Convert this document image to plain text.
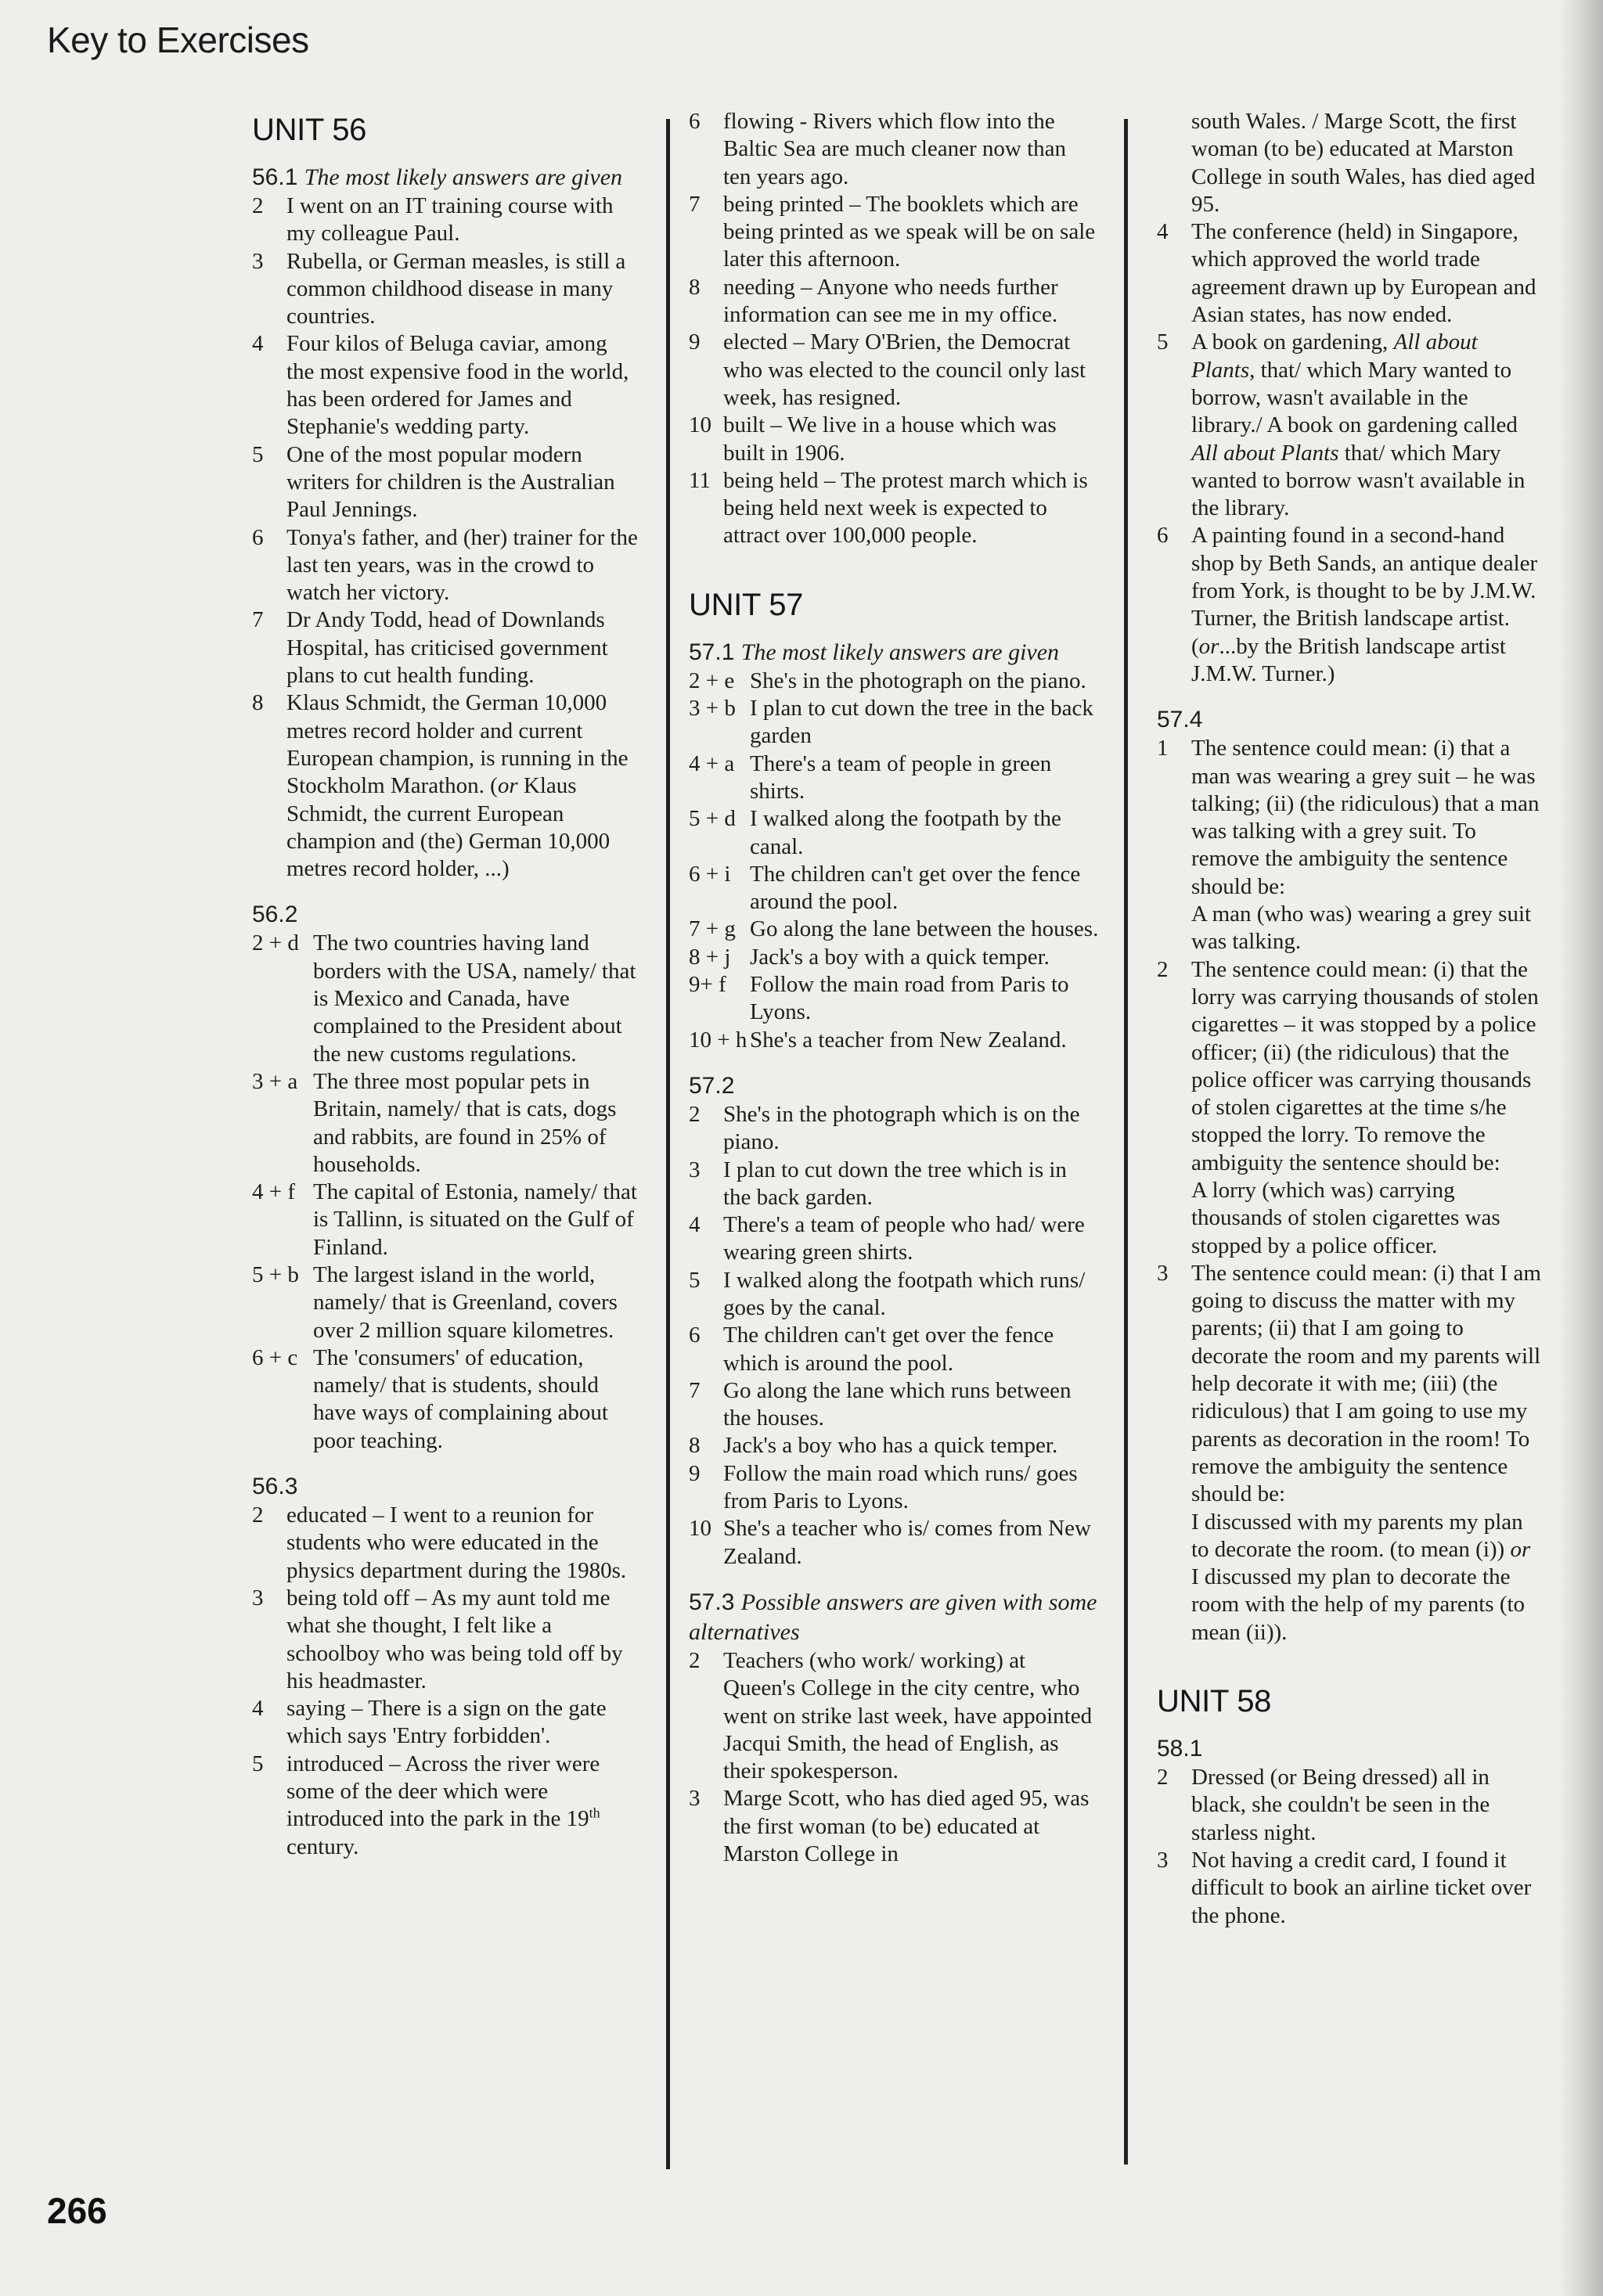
Key to Exercises
UNIT 56
56.1 The most likely answers are given
2	I went on an IT training course with my colleague Paul.
3	Rubella, or German measles, is still a common childhood disease in many countries.
4	Four kilos of Beluga caviar, among the most expensive food in the world, has been ordered for James and Stephanie's wedding party.
5	One of the most popular modern writers for children is the Australian Paul Jennings.
6	Tonya's father, and (her) trainer for the last ten years, was in the crowd to watch her victory.
7	Dr Andy Todd, head of Downlands Hospital, has criticised government plans to cut health funding.
8	Klaus Schmidt, the German 10,000 metres record holder and current European champion, is running in the Stockholm Marathon. (or Klaus Schmidt, the current European champion and (the) German 10,000 metres record holder, ...)
56.2
2 + d The two countries having land borders with the USA, namely/ that is Mexico and Canada, have complained to the President about the new customs regulations.
3 + a The three most popular pets in Britain, namely/ that is cats, dogs and rabbits, are found in 25% of households.
4 + f The capital of Estonia, namely/ that is Tallinn, is situated on the Gulf of Finland.
5 + b The largest island in the world, namely/ that is Greenland, covers over 2 million square kilometres.
6 + c The 'consumers' of education, namely/ that is students, should have ways of complaining about poor teaching.
56.3
2	educated – I went to a reunion for students who were educated in the physics department during the 1980s.
3	being told off – As my aunt told me what she thought, I felt like a schoolboy who was being told off by his headmaster.
4	saying – There is a sign on the gate which says 'Entry forbidden'.
5	introduced – Across the river were some of the deer which were introduced into the park in the 19th century.
6	flowing - Rivers which flow into the Baltic Sea are much cleaner now than ten years ago.
7	being printed – The booklets which are being printed as we speak will be on sale later this afternoon.
8	needing – Anyone who needs further information can see me in my office.
9	elected – Mary O'Brien, the Democrat who was elected to the council only last week, has resigned.
10 built – We live in a house which was built in 1906.
11 being held – The protest march which is being held next week is expected to attract over 100,000 people.
UNIT 57
57.1 The most likely answers are given
2 + e She's in the photograph on the piano.
3 + b I plan to cut down the tree in the back garden
4 + a There's a team of people in green shirts.
5 + d I walked along the footpath by the canal.
6 + i The children can't get over the fence around the pool.
7 + g Go along the lane between the houses.
8 + j Jack's a boy with a quick temper.
9+ f	Follow the main road from Paris to Lyons.
10 + h She's a teacher from New Zealand.
57.2
2	She's in the photograph which is on the piano.
3	I plan to cut down the tree which is in the back garden.
4	There's a team of people who had/ were wearing green shirts.
5	I walked along the footpath which runs/ goes by the canal.
6	The children can't get over the fence which is around the pool.
7	Go along the lane which runs between the houses.
8	Jack's a boy who has a quick temper.
9	Follow the main road which runs/ goes from Paris to Lyons.
10 She's a teacher who is/ comes from New Zealand.
57.3 Possible answers are given with some alternatives
2	Teachers (who work/ working) at Queen's College in the city centre, who went on strike last week, have appointed Jacqui Smith, the head of English, as their spokesperson.
3	Marge Scott, who has died aged 95, was the first woman (to be) educated at Marston College in
south Wales. / Marge Scott, the first woman (to be) educated at Marston College in south Wales, has died aged 95.
4	The conference (held) in Singapore, which approved the world trade agreement drawn up by European and Asian states, has now ended.
5	A book on gardening, All about Plants, that/ which Mary wanted to borrow, wasn't available in the library./ A book on gardening called All about Plants that/ which Mary wanted to borrow wasn't available in the library.
6	A painting found in a second-hand shop by Beth Sands, an antique dealer from York, is thought to be by J.M.W. Turner, the British landscape artist. (or...by the British landscape artist J.M.W. Turner.)
57.4
1	The sentence could mean: (i) that a man was wearing a grey suit – he was talking; (ii) (the ridiculous) that a man was talking with a grey suit. To remove the ambiguity the sentence should be:
A man (who was) wearing a grey suit was talking.
2	The sentence could mean: (i) that the lorry was carrying thousands of stolen cigarettes – it was stopped by a police officer; (ii) (the ridiculous) that the police officer was carrying thousands of stolen cigarettes at the time s/he stopped the lorry. To remove the ambiguity the sentence should be:
A lorry (which was) carrying thousands of stolen cigarettes was stopped by a police officer.
3	The sentence could mean: (i) that I am going to discuss the matter with my parents; (ii) that I am going to decorate the room and my parents will help decorate it with me; (iii) (the ridiculous) that I am going to use my parents as decoration in the room! To remove the ambiguity the sentence should be:
I discussed with my parents my plan to decorate the room. (to mean (i)) or
I discussed my plan to decorate the room with the help of my parents (to mean (ii)).
UNIT 58
58.1
2	Dressed (or Being dressed) all in black, she couldn't be seen in the starless night.
3	Not having a credit card, I found it difficult to book an airline ticket over the phone.
266
